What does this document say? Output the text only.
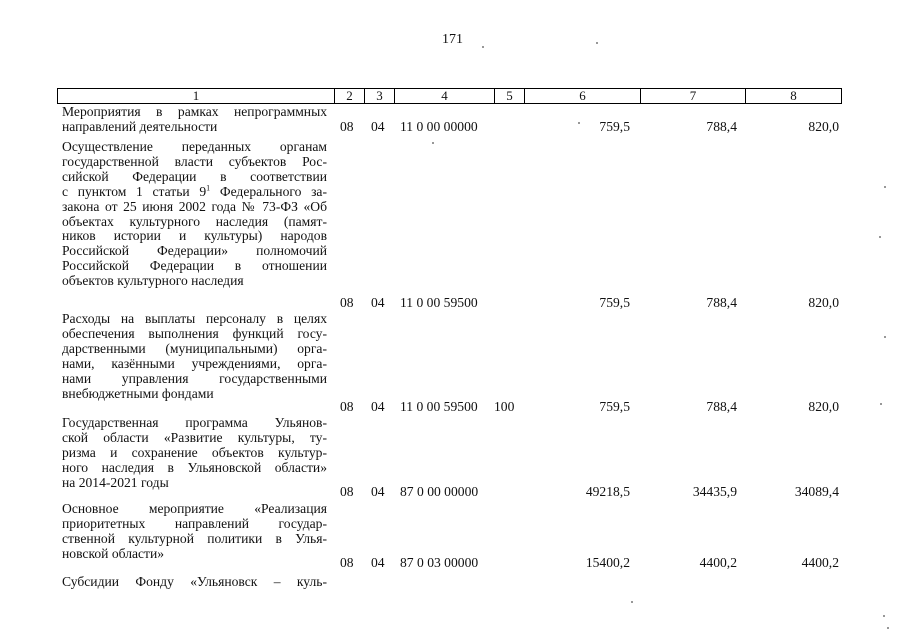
171
1	2	3	4	5	6	7	8
Мероприятия в рамках непрограммных
направлений деятельности	08 04 11 0 00 00000	759,5	788,4	820,0
Осуществление переданных органам
государственной власти субъектов Рос-
сийской Федерации в соответствии
с пунктом 1 статьи $9^1$ Федерального за-
закона от 25 июня 2002 года № 73-ФЗ «Об
объектах культурного наследия (памят-
ников истории и культуры) народов
Российской Федерации» полномочий
Российской Федерации в отношении
объектов культурного наследия
08 04 11 0 00 59500	759,5	788,4	820,0
Расходы на выплаты персоналу в целях
обеспечения выполнения функций госу-
дарственными (муниципальными) орга-
нами, казёнными учреждениями, орга-
нами управления государственными
внебюджетными фондами
08 04 11 0 00 59500 100	759,5	788,4	820,0
Государственная программа Ульянов-
ской области «Развитие культуры, ту-
ризма и сохранение объектов культур-
ного наследия в Ульяновской области»
на 2014-2021 годы
08 04 87 0 00 00000	49218,5	34435,9	34089,4
Основное мероприятие «Реализация
приоритетных направлений государ-
ственной культурной политики в Улья-
новской области»
08 04 87 0 03 00000	15400,2	4400,2	4400,2
Субсидии Фонду «Ульяновск – куль-
